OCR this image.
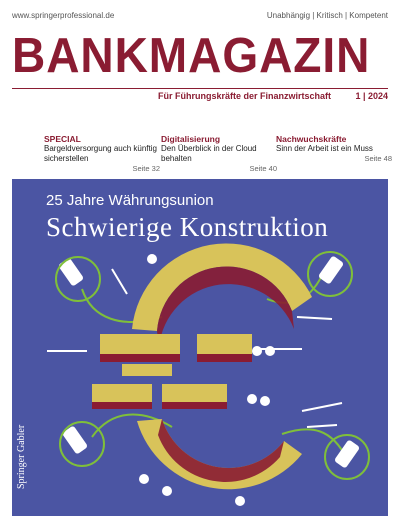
www.springerprofessional.de	Unabhängig | Kritisch | Kompetent
BANKMAGAZIN
Für Führungskräfte der Finanzwirtschaft	1 | 2024
SPECIAL
Bargeldversorgung auch künftig sicherstellen
Seite 32
Digitalisierung
Den Überblick in der Cloud behalten
Seite 40
Nachwuchskräfte
Sinn der Arbeit ist ein Muss
Seite 48
25 Jahre Währungsunion
Schwierige Konstruktion
Springer Gabler
